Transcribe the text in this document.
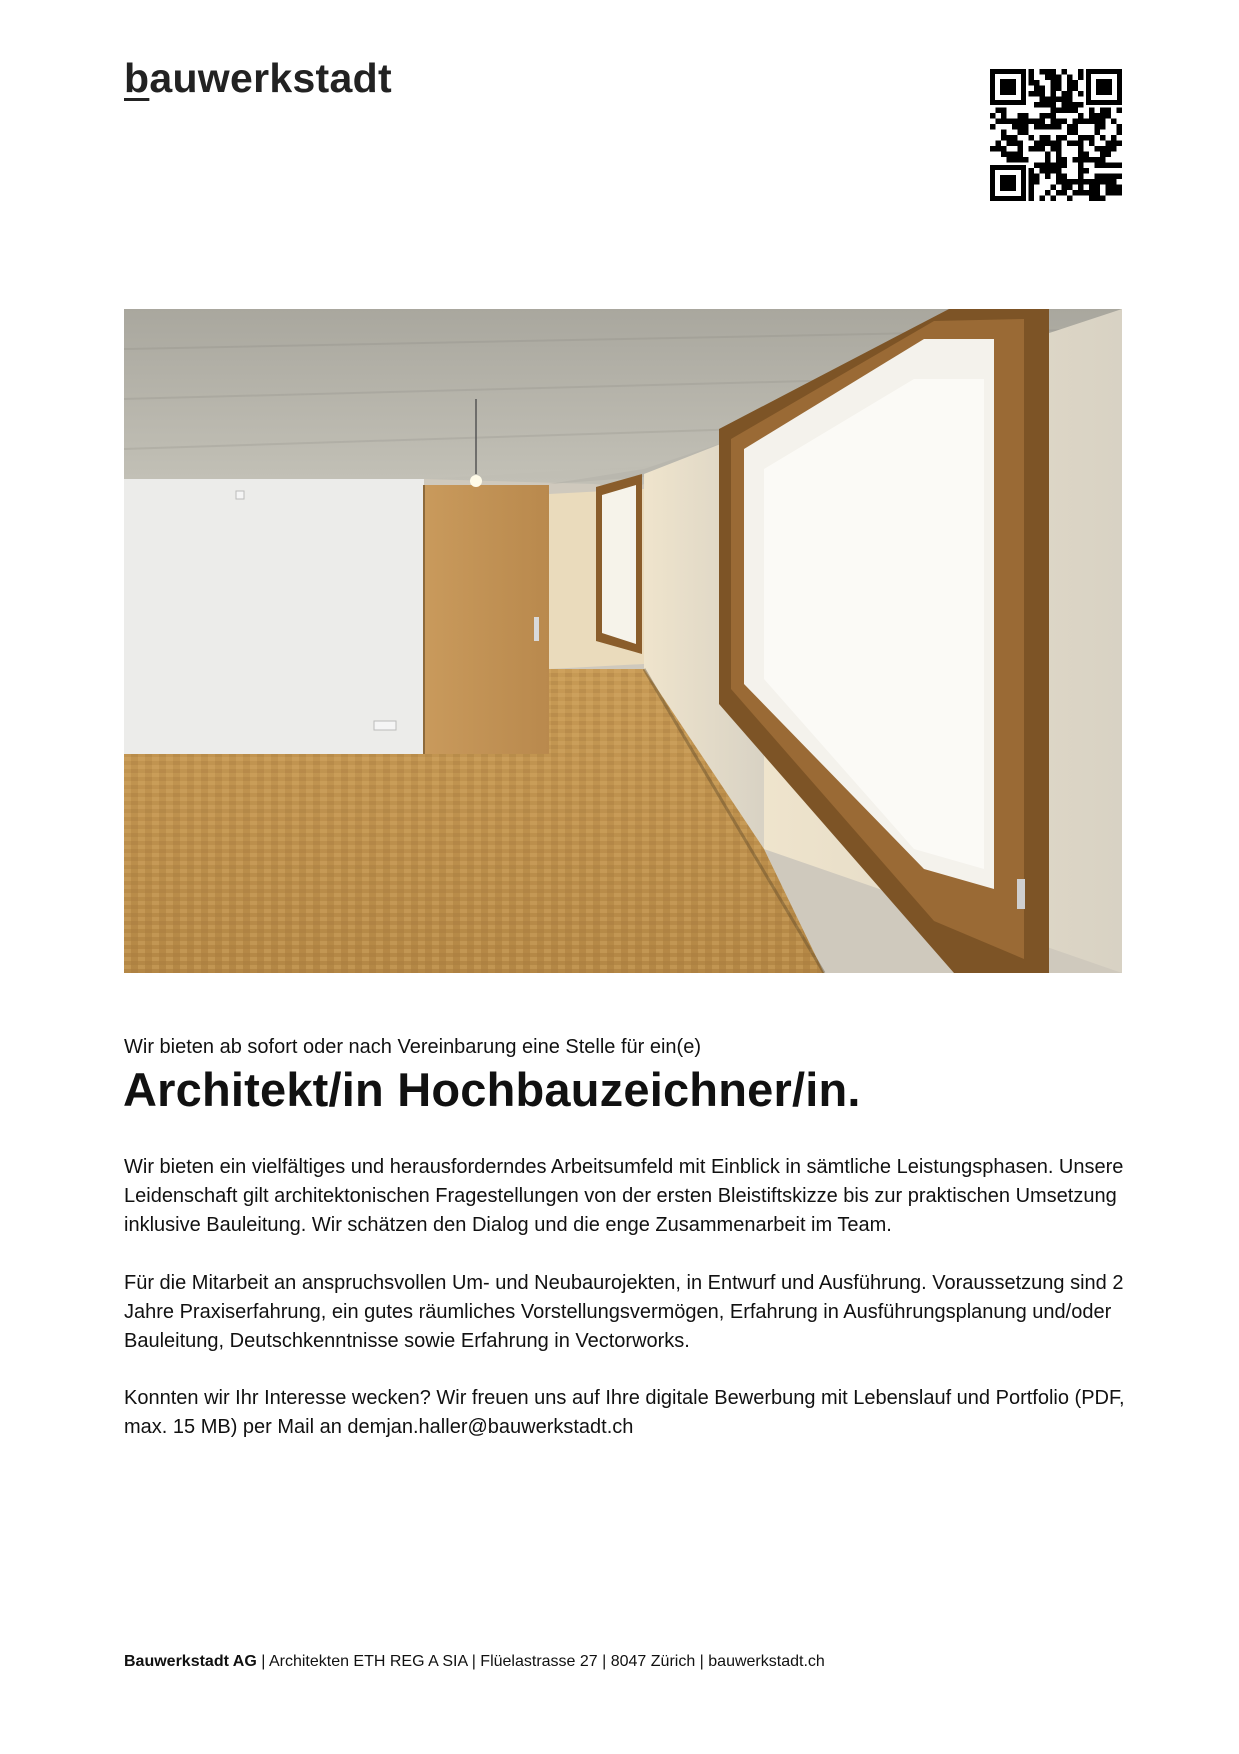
bauwerkstadt
Wir bieten ab sofort oder nach Vereinbarung eine Stelle für ein(e)
Architekt/in Hochbauzeichner/in.

Wir bieten ein vielfältiges und herausforderndes Arbeitsumfeld mit Einblick in sämtliche Leistungsphasen. Unsere Leidenschaft gilt architektonischen Fragestellungen von der ersten Bleistiftskizze bis zur praktischen Umsetzung inklusive Bauleitung. Wir schätzen den Dialog und die enge Zusammenarbeit im Team.

Für die Mitarbeit an anspruchsvollen Um- und Neubaurojekten, in Entwurf und Ausführung. Voraussetzung sind 2 Jahre Praxiserfahrung, ein gutes räumliches Vorstellungsvermögen, Erfahrung in Ausführungsplanung und/oder Bauleitung, Deutschkenntnisse sowie Erfahrung in Vectorworks.

Konnten wir Ihr Interesse wecken? Wir freuen uns auf Ihre digitale Bewerbung mit Lebenslauf und Portfolio (PDF, max. 15 MB) per Mail an demjan.haller@bauwerkstadt.ch

Bauwerkstadt AG | Architekten ETH REG A SIA | Flüelastrasse 27 | 8047 Zürich | bauwerkstadt.ch
